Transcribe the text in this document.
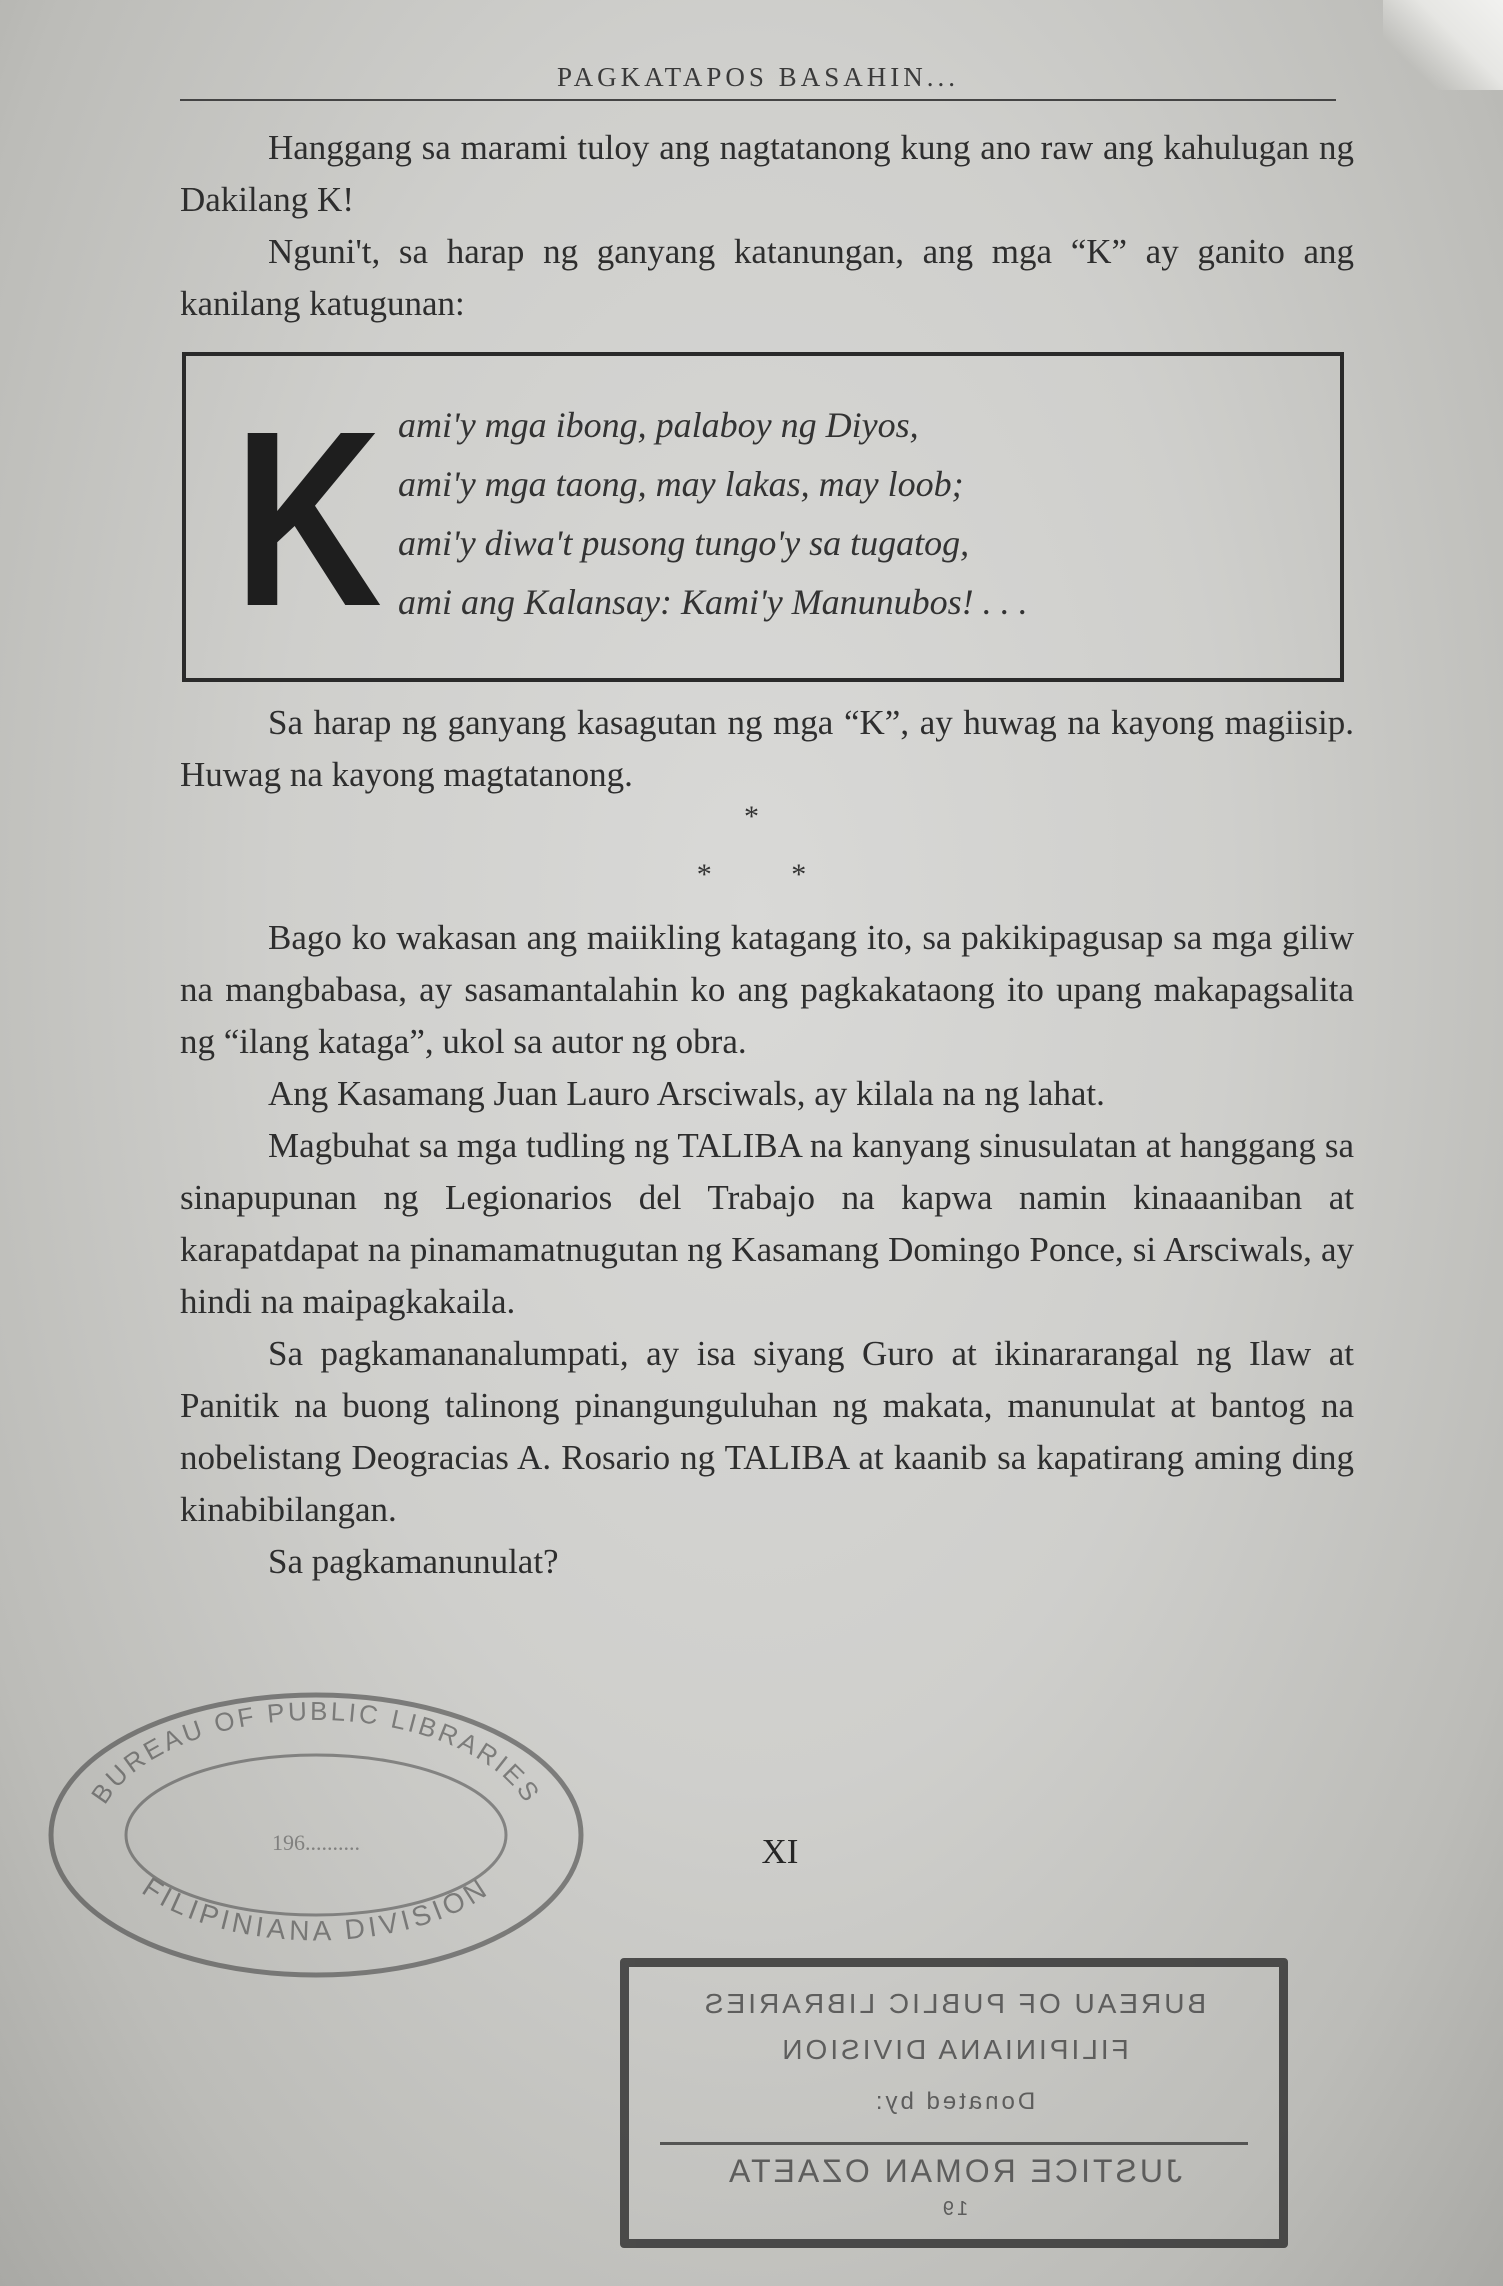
PAGKATAPOS BASAHIN...

Hanggang sa marami tuloy ang nagtatanong kung ano raw ang kahulugan ng Dakilang K!

Nguni't, sa harap ng ganyang katanungan, ang mga “K” ay ganito ang kanilang katugunan:

K ami'y mga ibong, palaboy ng Diyos,
ami'y mga taong, may lakas, may loob;
ami'y diwa't pusong tungo'y sa tugatog,
ami ang Kalansay: Kami'y Manunubos! . . .

Sa harap ng ganyang kasagutan ng mga “K”, ay huwag na kayong magiisip. Huwag na kayong magtatanong.

*
* *

Bago ko wakasan ang maiikling katagang ito, sa pakikipagusap sa mga giliw na mangbabasa, ay sasamantalahin ko ang pagkakataong ito upang makapagsalita ng “ilang kataga”, ukol sa autor ng obra.

Ang Kasamang Juan Lauro Arsciwals, ay kilala na ng lahat.

Magbuhat sa mga tudling ng TALIBA na kanyang sinusulatan at hanggang sa sinapupunan ng Legionarios del Trabajo na kapwa namin kinaaaniban at karapatdapat na pinamamatnugutan ng Kasamang Domingo Ponce, si Arsciwals, ay hindi na maipagkakaila.

Sa pagkamananalumpati, ay isa siyang Guro at ikinararangal ng Ilaw at Panitik na buong talinong pinangunguluhan ng makata, manunulat at bantog na nobelistang Deogracias A. Rosario ng TALIBA at kaanib sa kapatirang aming ding kinabibilangan.

Sa pagkamanunulat?

XI
BUREAU OF PUBLIC LIBRARIES
FILIPINIANA DIVISION
196..........
BUREAU OF PUBLIC LIBRARIES
FILIPINIANA DIVISION
Donated by:
JUSTICE ROMAN OZAETA
19
